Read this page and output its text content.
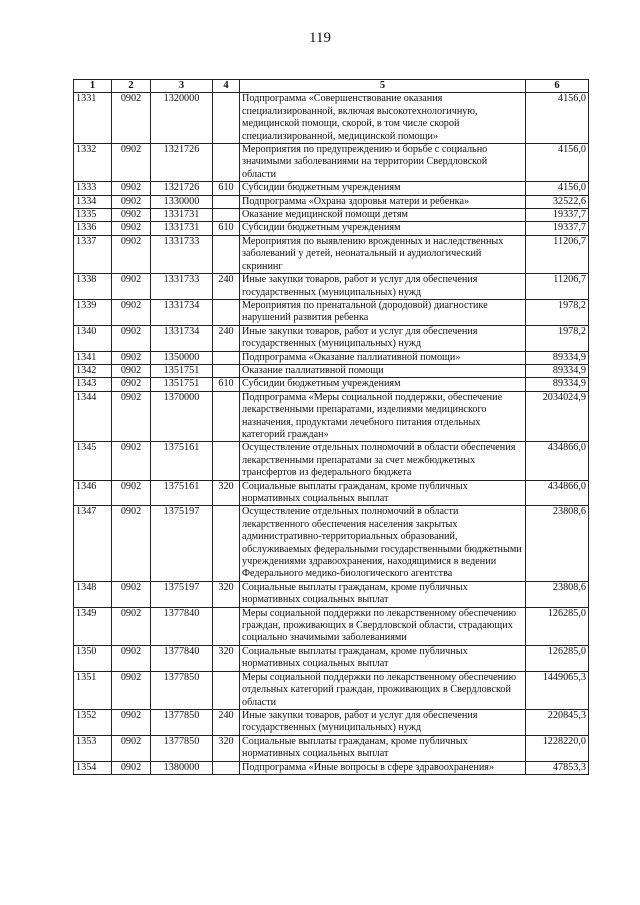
119
1	2	3	4	5	6
1331	0902	1320000		Подпрограмма «Совершенствование оказания специализированной, включая высокотехнологичную, медицинской помощи, скорой, в том числе скорой специализированной, медицинской помощи»	4156,0
1332	0902	1321726		Мероприятия по предупреждению и борьбе с социально значимыми заболеваниями на территории Свердловской области	4156,0
1333	0902	1321726	610	Субсидии бюджетным учреждениям	4156,0
1334	0902	1330000		Подпрограмма «Охрана здоровья матери и ребенка»	32522,6
1335	0902	1331731		Оказание медицинской помощи детям	19337,7
1336	0902	1331731	610	Субсидии бюджетным учреждениям	19337,7
1337	0902	1331733		Мероприятия по выявлению врожденных и наследственных заболеваний у детей, неонатальный и аудиологический скрининг	11206,7
1338	0902	1331733	240	Иные закупки товаров, работ и услуг для обеспечения государственных (муниципальных) нужд	11206,7
1339	0902	1331734		Мероприятия по пренатальной (дородовой) диагностике нарушений развития ребенка	1978,2
1340	0902	1331734	240	Иные закупки товаров, работ и услуг для обеспечения государственных (муниципальных) нужд	1978,2
1341	0902	1350000		Подпрограмма «Оказание паллиативной помощи»	89334,9
1342	0902	1351751		Оказание паллиативной помощи	89334,9
1343	0902	1351751	610	Субсидии бюджетным учреждениям	89334,9
1344	0902	1370000		Подпрограмма «Меры социальной поддержки, обеспечение лекарственными препаратами, изделиями медицинского назначения, продуктами лечебного питания отдельных категорий граждан»	2034024,9
1345	0902	1375161		Осуществление отдельных полномочий в области обеспечения лекарственными препаратами за счет межбюджетных трансфертов из федерального бюджета	434866,0
1346	0902	1375161	320	Социальные выплаты гражданам, кроме публичных нормативных социальных выплат	434866,0
1347	0902	1375197		Осуществление отдельных полномочий в области лекарственного обеспечения населения закрытых административно-территориальных образований, обслуживаемых федеральными государственными бюджетными учреждениями здравоохранения, находящимися в ведении Федерального медико-биологического агентства	23808,6
1348	0902	1375197	320	Социальные выплаты гражданам, кроме публичных нормативных социальных выплат	23808,6
1349	0902	1377840		Меры социальной поддержки по лекарственному обеспечению граждан, проживающих в Свердловской области, страдающих социально значимыми заболеваниями	126285,0
1350	0902	1377840	320	Социальные выплаты гражданам, кроме публичных нормативных социальных выплат	126285,0
1351	0902	1377850		Меры социальной поддержки по лекарственному обеспечению отдельных категорий граждан, проживающих в Свердловской области	1449065,3
1352	0902	1377850	240	Иные закупки товаров, работ и услуг для обеспечения государственных (муниципальных) нужд	220845,3
1353	0902	1377850	320	Социальные выплаты гражданам, кроме публичных нормативных социальных выплат	1228220,0
1354	0902	1380000		Подпрограмма «Иные вопросы в сфере здравоохранения»	47853,3
